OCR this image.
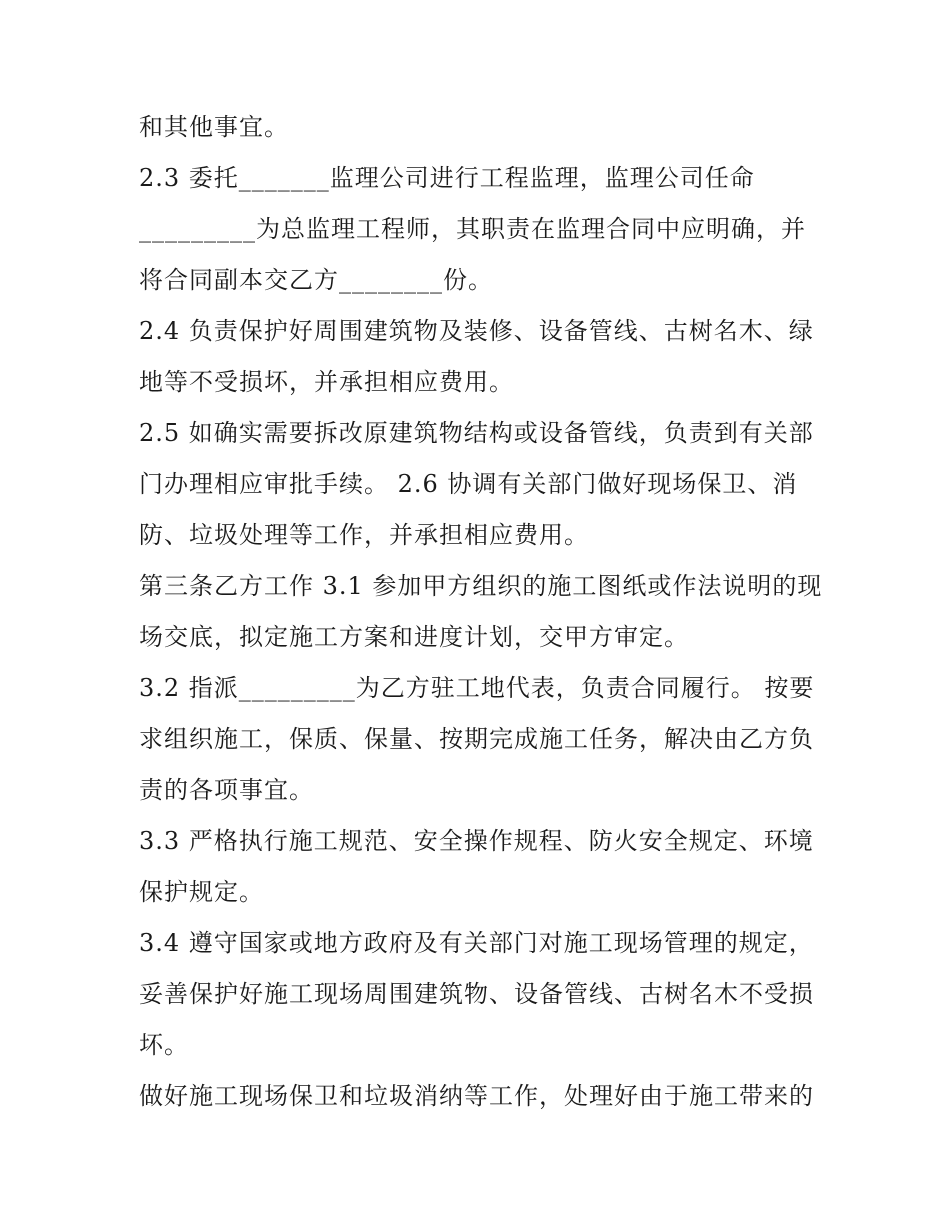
和其他事宜。
2.3 委托_______监理公司进行工程监理，监理公司任命
_________为总监理工程师，其职责在监理合同中应明确，并
将合同副本交乙方________份。
2.4 负责保护好周围建筑物及装修、设备管线、古树名木、绿
地等不受损坏，并承担相应费用。
2.5 如确实需要拆改原建筑物结构或设备管线，负责到有关部
门办理相应审批手续。 2.6 协调有关部门做好现场保卫、消
防、垃圾处理等工作，并承担相应费用。
第三条乙方工作 3.1 参加甲方组织的施工图纸或作法说明的现
场交底，拟定施工方案和进度计划，交甲方审定。
3.2 指派_________为乙方驻工地代表，负责合同履行。 按要
求组织施工，保质、保量、按期完成施工任务，解决由乙方负
责的各项事宜。
3.3 严格执行施工规范、安全操作规程、防火安全规定、环境
保护规定。
3.4 遵守国家或地方政府及有关部门对施工现场管理的规定，
妥善保护好施工现场周围建筑物、设备管线、古树名木不受损
坏。
做好施工现场保卫和垃圾消纳等工作，处理好由于施工带来的
